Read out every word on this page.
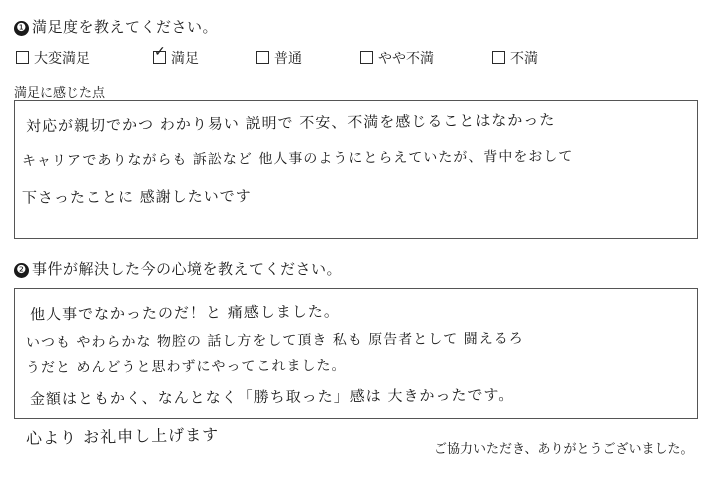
❶ 満足度を教えてください。
大変満足	✓ 満足	普通	やや不満	不満
満足に感じた点
対応が親切でかつ わかり易い 説明で 不安、不満を感じることはなかった
キャリアでありながらも 訴訟など 他人事のようにとらえていたが、背中をおして
下さったことに 感謝したいです
❷ 事件が解決した今の心境を教えてください。
他人事でなかったのだ！と 痛感しました。
いつも やわらかな 物腔の 話し方をして頂き 私も 原告者として 闘えるろ
うだと めんどうと思わずにやってこれました。
金額はともかく、なんとなく「勝ち取った」感は 大きかったです。
心より お礼申し上げます
ご協力いただき、ありがとうございました。
